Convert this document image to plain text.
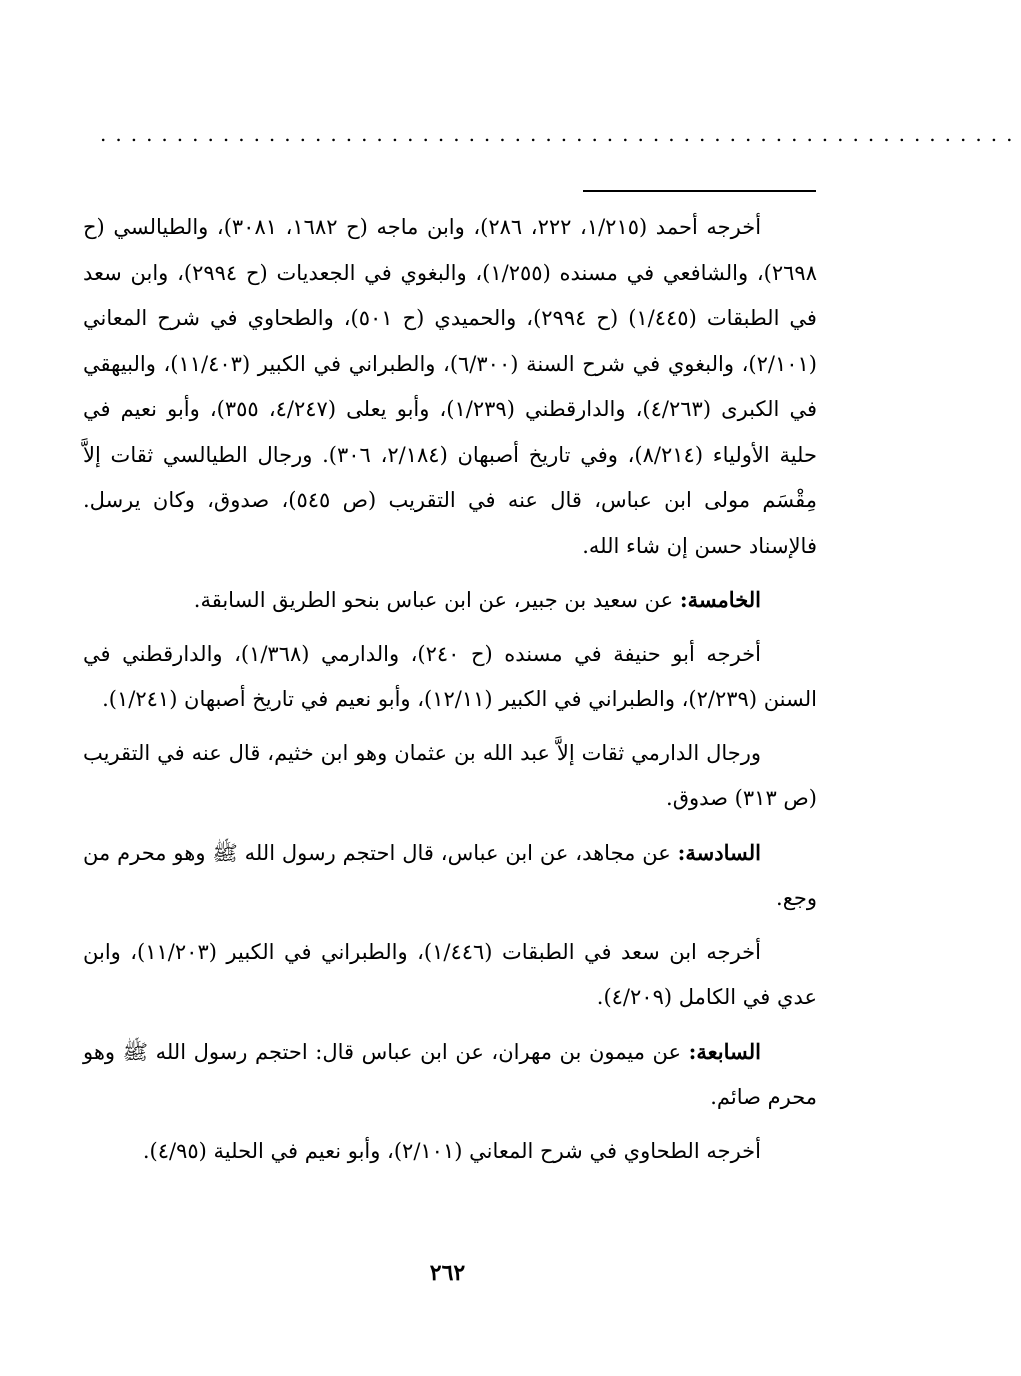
............................................................

أخرجه أحمد (١/٢١٥، ٢٢٢، ٢٨٦)، وابن ماجه (ح ١٦٨٢، ٣٠٨١)، والطيالسي (ح ٢٦٩٨)، والشافعي في مسنده (١/٢٥٥)، والبغوي في الجعديات (ح ٢٩٩٤)، وابن سعد في الطبقات (١/٤٤٥) (ح ٢٩٩٤)، والحميدي (ح ٥٠١)، والطحاوي في شرح المعاني (٢/١٠١)، والبغوي في شرح السنة (٦/٣٠٠)، والطبراني في الكبير (١١/٤٠٣)، والبيهقي في الكبرى (٤/٢٦٣)، والدارقطني (١/٢٣٩)، وأبو يعلى (٤/٢٤٧، ٣٥٥)، وأبو نعيم في حلية الأولياء (٨/٢١٤)، وفي تاريخ أصبهان (٢/١٨٤، ٣٠٦). ورجال الطيالسي ثقات إلاَّ مِقْسَم مولى ابن عباس، قال عنه في التقريب (ص ٥٤٥)، صدوق، وكان يرسل. فالإسناد حسن إن شاء الله.

الخامسة: عن سعيد بن جبير، عن ابن عباس بنحو الطريق السابقة.

أخرجه أبو حنيفة في مسنده (ح ٢٤٠)، والدارمي (١/٣٦٨)، والدارقطني في السنن (٢/٢٣٩)، والطبراني في الكبير (١٢/١١)، وأبو نعيم في تاريخ أصبهان (١/٢٤١).

ورجال الدارمي ثقات إلاَّ عبد الله بن عثمان وهو ابن خثيم، قال عنه في التقريب (ص ٣١٣) صدوق.

السادسة: عن مجاهد، عن ابن عباس، قال احتجم رسول الله ﷺ وهو محرم من وجع.

أخرجه ابن سعد في الطبقات (١/٤٤٦)، والطبراني في الكبير (١١/٢٠٣)، وابن عدي في الكامل (٤/٢٠٩).

السابعة: عن ميمون بن مهران، عن ابن عباس قال: احتجم رسول الله ﷺ وهو محرم صائم.

أخرجه الطحاوي في شرح المعاني (٢/١٠١)، وأبو نعيم في الحلية (٤/٩٥).

٢٦٢
